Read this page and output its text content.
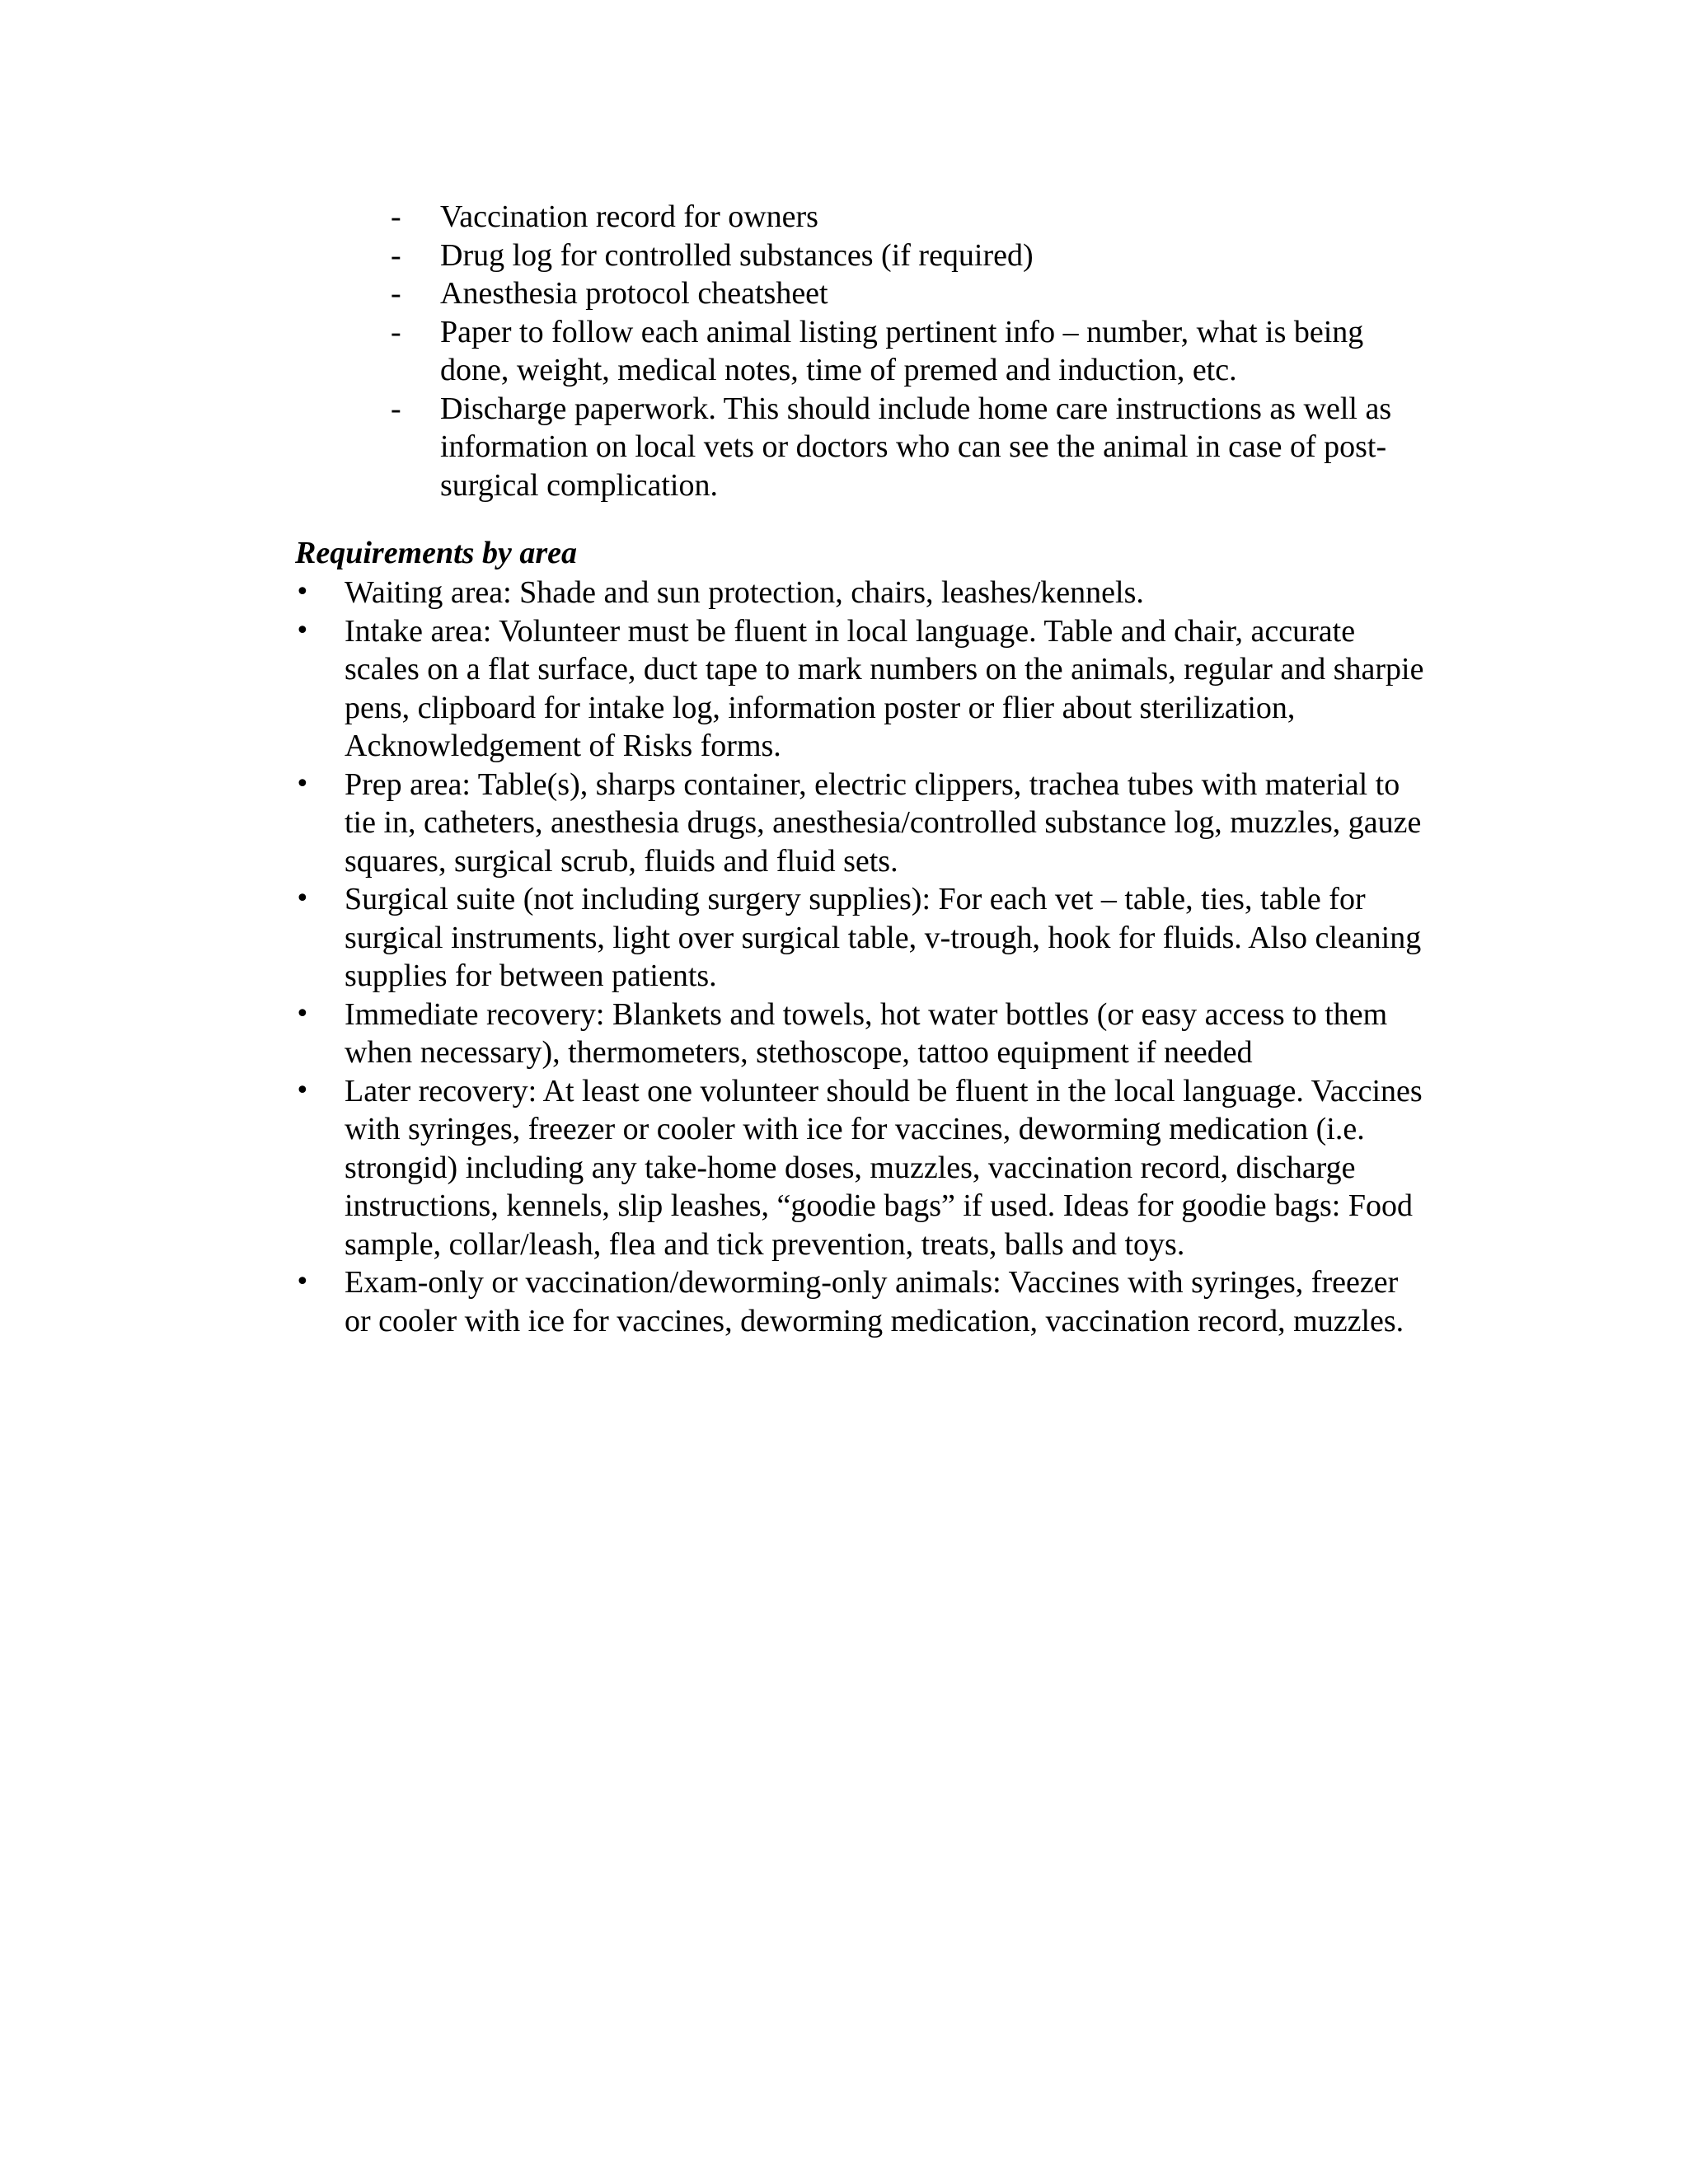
- Vaccination record for owners
- Drug log for controlled substances (if required)
- Anesthesia protocol cheatsheet
- Paper to follow each animal listing pertinent info – number, what is being done, weight, medical notes, time of premed and induction, etc.
- Discharge paperwork. This should include home care instructions as well as information on local vets or doctors who can see the animal in case of post-surgical complication.
Requirements by area
• Waiting area: Shade and sun protection, chairs, leashes/kennels.
• Intake area: Volunteer must be fluent in local language. Table and chair, accurate scales on a flat surface, duct tape to mark numbers on the animals, regular and sharpie pens, clipboard for intake log, information poster or flier about sterilization, Acknowledgement of Risks forms.
• Prep area: Table(s), sharps container, electric clippers, trachea tubes with material to tie in, catheters, anesthesia drugs, anesthesia/controlled substance log, muzzles, gauze squares, surgical scrub, fluids and fluid sets.
• Surgical suite (not including surgery supplies): For each vet – table, ties, table for surgical instruments, light over surgical table, v-trough, hook for fluids. Also cleaning supplies for between patients.
• Immediate recovery: Blankets and towels, hot water bottles (or easy access to them when necessary), thermometers, stethoscope, tattoo equipment if needed
• Later recovery: At least one volunteer should be fluent in the local language. Vaccines with syringes, freezer or cooler with ice for vaccines, deworming medication (i.e. strongid) including any take-home doses, muzzles, vaccination record, discharge instructions, kennels, slip leashes, “goodie bags” if used. Ideas for goodie bags: Food sample, collar/leash, flea and tick prevention, treats, balls and toys.
• Exam-only or vaccination/deworming-only animals: Vaccines with syringes, freezer or cooler with ice for vaccines, deworming medication, vaccination record, muzzles.
